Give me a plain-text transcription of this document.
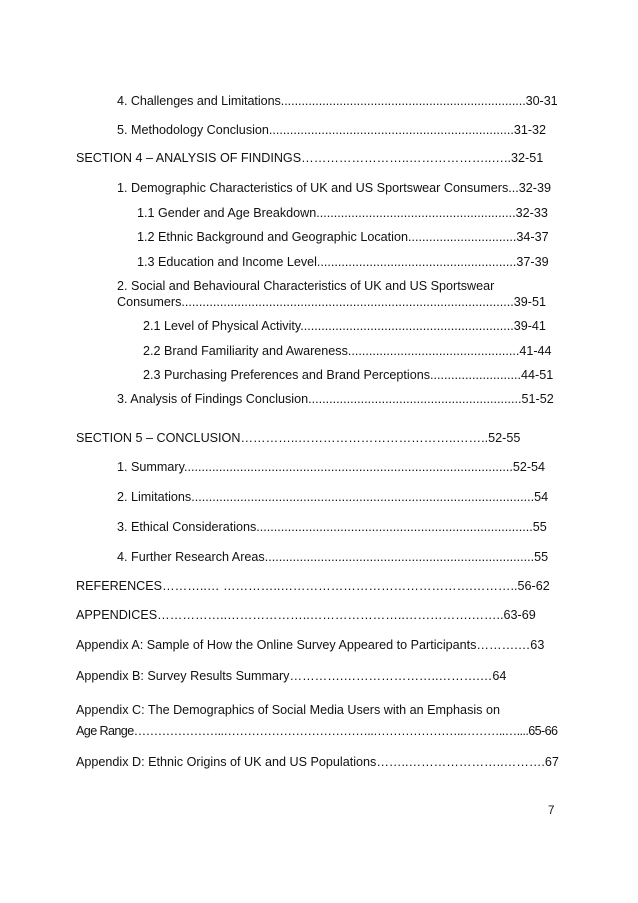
4. Challenges and Limitations.......................................................................30-31
5. Methodology Conclusion......................................................................31-32
SECTION 4 – ANALYSIS OF FINDINGS……………………..………………..…..32-51
1. Demographic Characteristics of UK and US Sportswear Consumers...32-39
1.1 Gender and Age Breakdown.........................................................32-33
1.2 Ethnic Background and Geographic Location...............................34-37
1.3 Education and Income Level.........................................................37-39
2. Social and Behavioural Characteristics of UK and US Sportswear
Consumers...............................................................................................39-51
2.1 Level of Physical Activity.............................................................39-41
2.2 Brand Familiarity and Awareness.................................................41-44
2.3 Purchasing Preferences and Brand Perceptions..........................44-51
3. Analysis of Findings Conclusion.............................................................51-52
SECTION 5 – CONCLUSION…………..………………………………..……..52-55
1. Summary..............................................................................................52-54
2. Limitations..................................................................................................54
3. Ethical Considerations...............................................................................55
4. Further Research Areas.............................................................................55
REFERENCES………..… …………..……………………………………….………..56-62
APPENDICES……………..………………..…………………..…………….……..63-69
Appendix A: Sample of How the Online Survey Appeared to Participants……….…63
Appendix B: Survey Results Summary………….…………………..……….…64
Appendix C: The Demographics of Social Media Users with an Emphasis on
Age Range…………………..………………………………..…………………..………..…....65-66
Appendix D: Ethnic Origins of UK and US Populations……..…………………..……….67
7
